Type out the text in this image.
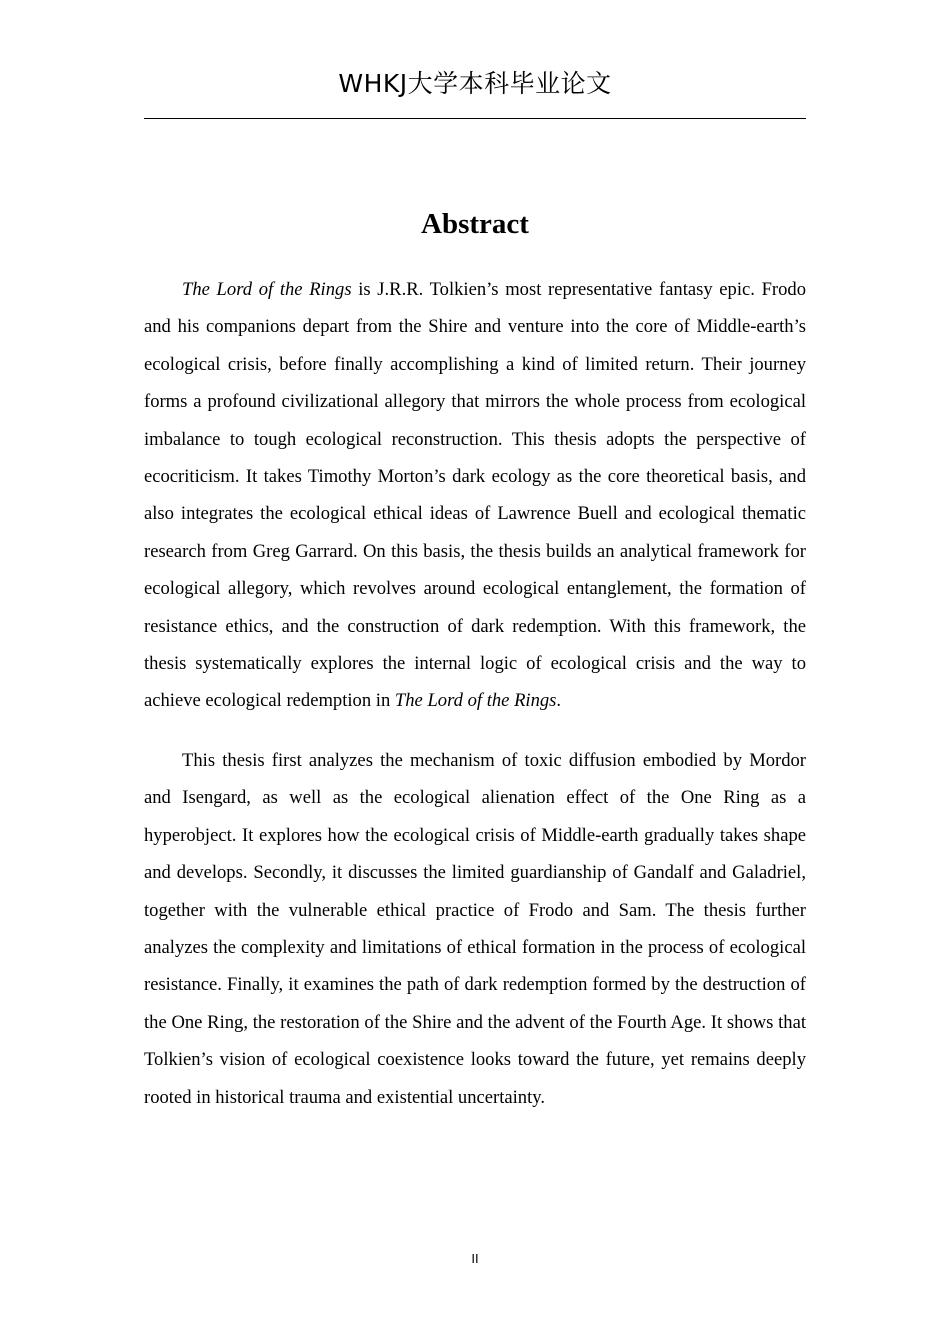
WHKJ大学本科毕业论文
Abstract

The Lord of the Rings is J.R.R. Tolkien’s most representative fantasy epic. Frodo and his companions depart from the Shire and venture into the core of Middle-earth’s ecological crisis, before finally accomplishing a kind of limited return. Their journey forms a profound civilizational allegory that mirrors the whole process from ecological imbalance to tough ecological reconstruction. This thesis adopts the perspective of ecocriticism. It takes Timothy Morton’s dark ecology as the core theoretical basis, and also integrates the ecological ethical ideas of Lawrence Buell and ecological thematic research from Greg Garrard. On this basis, the thesis builds an analytical framework for ecological allegory, which revolves around ecological entanglement, the formation of resistance ethics, and the construction of dark redemption. With this framework, the thesis systematically explores the internal logic of ecological crisis and the way to achieve ecological redemption in The Lord of the Rings.

This thesis first analyzes the mechanism of toxic diffusion embodied by Mordor and Isengard, as well as the ecological alienation effect of the One Ring as a hyperobject. It explores how the ecological crisis of Middle-earth gradually takes shape and develops. Secondly, it discusses the limited guardianship of Gandalf and Galadriel, together with the vulnerable ethical practice of Frodo and Sam. The thesis further analyzes the complexity and limitations of ethical formation in the process of ecological resistance. Finally, it examines the path of dark redemption formed by the destruction of the One Ring, the restoration of the Shire and the advent of the Fourth Age. It shows that Tolkien’s vision of ecological coexistence looks toward the future, yet remains deeply rooted in historical trauma and existential uncertainty.

II
